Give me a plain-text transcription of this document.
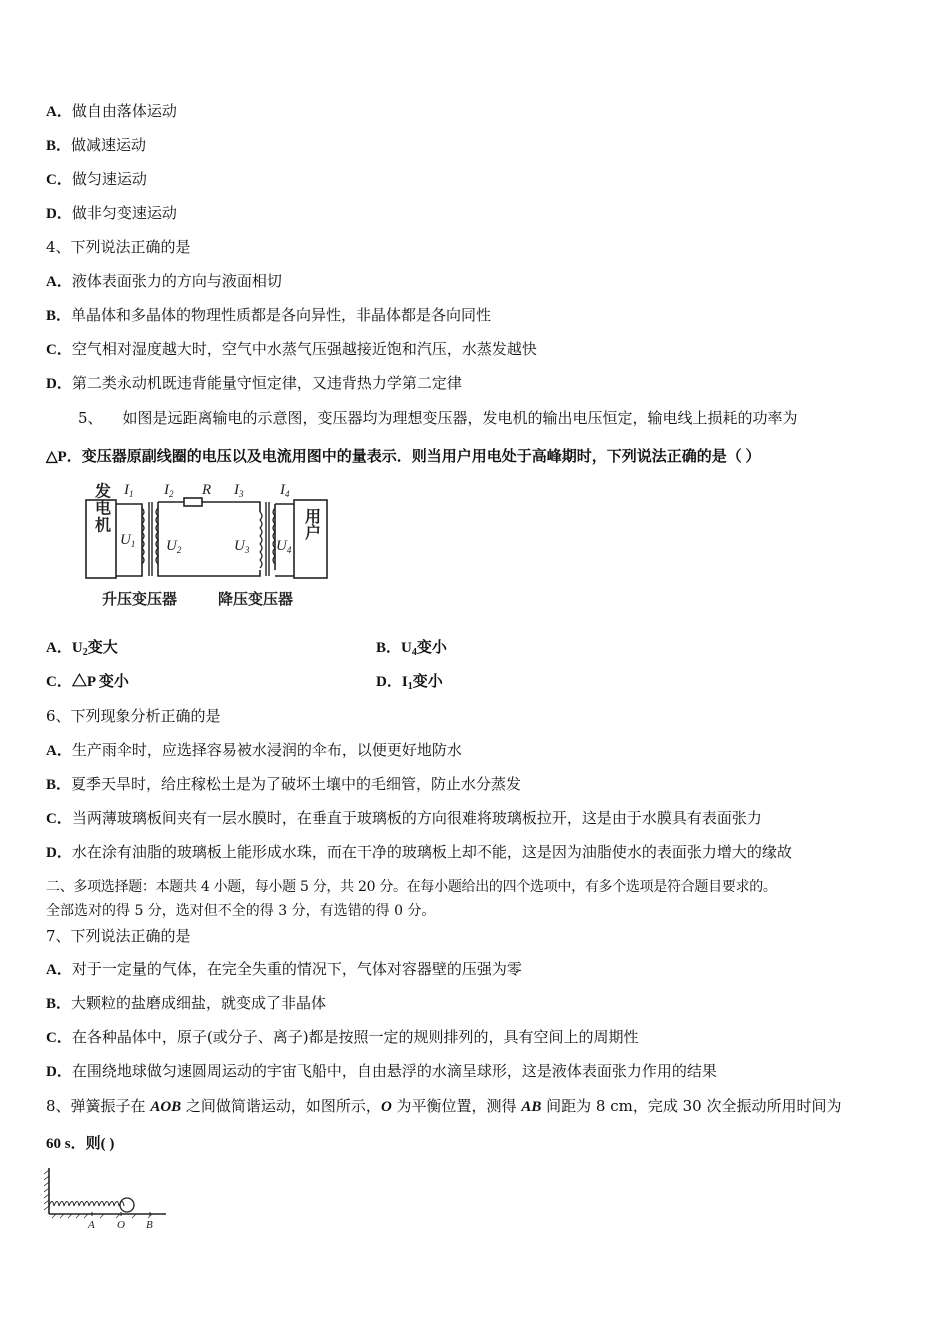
A．做自由落体运动
B．做减速运动
C．做匀速运动
D．做非匀变速运动
4、下列说法正确的是
A．液体表面张力的方向与液面相切
B．单晶体和多晶体的物理性质都是各向异性，非晶体都是各向同性
C．空气相对湿度越大时，空气中水蒸气压强越接近饱和汽压，水蒸发越快
D．第二类永动机既违背能量守恒定律，又违背热力学第二定律
5、 如图是远距离输电的示意图，变压器均为理想变压器，发电机的输出电压恒定，输电线上损耗的功率为
△P．变压器原副线圈的电压以及电流用图中的量表示．则当用户用电处于高峰期时，下列说法正确的是（ ）
$I_1$ $I_2$ R $I_3$ $I_4$
$U_1$ $U_2$	$U_3$ $U_4$
发电机	用户
升压变压器	降压变压器
A．$U_2$变大	B．$U_4$变小
C．△P 变小	D．$I_1$变小
6、下列现象分析正确的是
A．生产雨伞时，应选择容易被水浸润的伞布，以便更好地防水
B．夏季天旱时，给庄稼松土是为了破坏土壤中的毛细管，防止水分蒸发
C．当两薄玻璃板间夹有一层水膜时，在垂直于玻璃板的方向很难将玻璃板拉开，这是由于水膜具有表面张力
D．水在涂有油脂的玻璃板上能形成水珠，而在干净的玻璃板上却不能，这是因为油脂使水的表面张力增大的缘故
二、多项选择题：本题共 4 小题，每小题 5 分，共 20 分。在每小题给出的四个选项中，有多个选项是符合题目要求的。
全部选对的得 5 分，选对但不全的得 3 分，有选错的得 0 分。
7、下列说法正确的是
A．对于一定量的气体，在完全失重的情况下，气体对容器壁的压强为零
B．大颗粒的盐磨成细盐，就变成了非晶体
C．在各种晶体中，原子(或分子、离子)都是按照一定的规则排列的，具有空间上的周期性
D．在围绕地球做匀速圆周运动的宇宙飞船中，自由悬浮的水滴呈球形，这是液体表面张力作用的结果
8、弹簧振子在 AOB 之间做简谐运动，如图所示，O 为平衡位置，测得 AB 间距为 8 cm，完成 30 次全振动所用时间为
60 s．则( )
A O B
